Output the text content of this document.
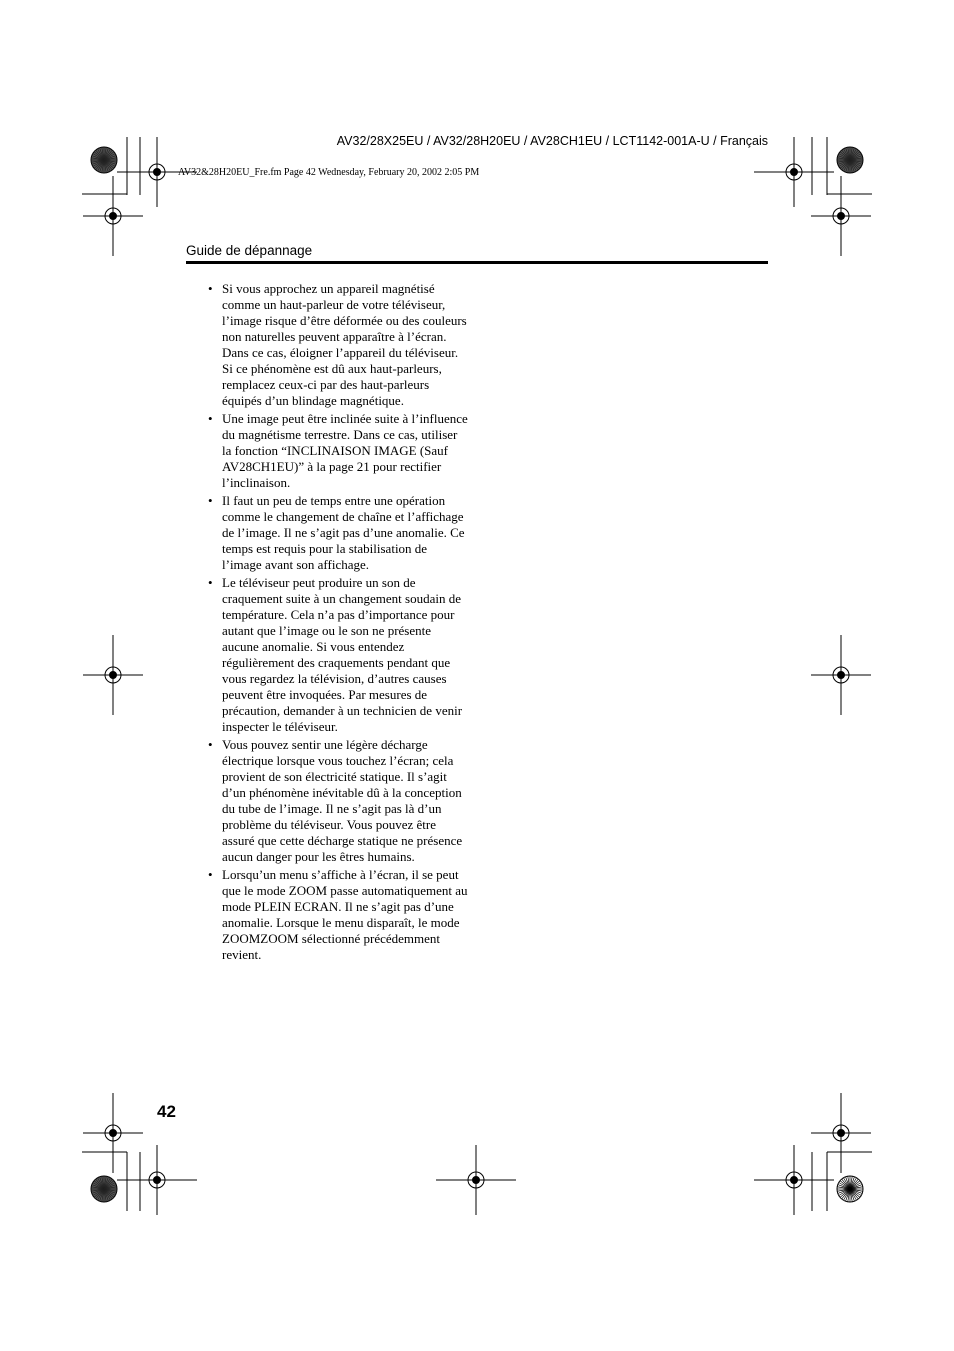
AV32/28X25EU / AV32/28H20EU / AV28CH1EU / LCT1142-001A-U / Français
AV32&28H20EU_Fre.fm Page 42 Wednesday, February 20, 2002 2:05 PM
Guide de dépannage
• Si vous approchez un appareil magnétisé comme un haut-parleur de votre téléviseur, l’image risque d’être déformée ou des couleurs non naturelles peuvent apparaître à l’écran. Dans ce cas, éloigner l’appareil du téléviseur. Si ce phénomène est dû aux haut-parleurs, remplacez ceux-ci par des haut-parleurs équipés d’un blindage magnétique.
• Une image peut être inclinée suite à l’influence du magnétisme terrestre. Dans ce cas, utiliser la fonction “INCLINAISON IMAGE (Sauf AV28CH1EU)” à la page 21 pour rectifier l’inclinaison.
• Il faut un peu de temps entre une opération comme le changement de chaîne et l’affichage de l’image. Il ne s’agit pas d’une anomalie. Ce temps est requis pour la stabilisation de l’image avant son affichage.
• Le téléviseur peut produire un son de craquement suite à un changement soudain de température. Cela n’a pas d’importance pour autant que l’image ou le son ne présente aucune anomalie. Si vous entendez régulièrement des craquements pendant que vous regardez la télévision, d’autres causes peuvent être invoquées. Par mesures de précaution, demander à un technicien de venir inspecter le téléviseur.
• Vous pouvez sentir une légère décharge électrique lorsque vous touchez l’écran; cela provient de son électricité statique. Il s’agit d’un phénomène inévitable dû à la conception du tube de l’image. Il ne s’agit pas là d’un problème du téléviseur. Vous pouvez être assuré que cette décharge statique ne présence aucun danger pour les êtres humains.
• Lorsqu’un menu s’affiche à l’écran, il se peut que le mode ZOOM passe automatiquement au mode PLEIN ECRAN. Il ne s’agit pas d’une anomalie. Lorsque le menu disparaît, le mode ZOOMZOOM sélectionné précédemment revient.
42
